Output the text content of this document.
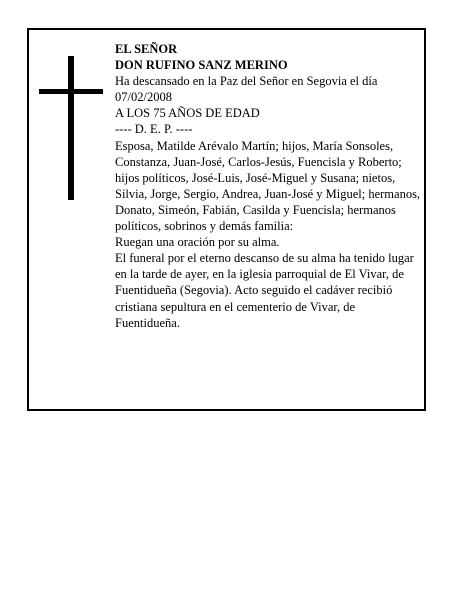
EL SEÑOR

DON RUFINO SANZ MERINO

Ha descansado en la Paz del Señor en Segovia el día 07/02/2008

A LOS 75 AÑOS DE EDAD

---- D. E. P. ----

Esposa, Matilde Arévalo Martín; hijos, María Sonsoles, Constanza, Juan-José, Carlos-Jesús, Fuencisla y Roberto; hijos políticos, José-Luis, José-Miguel y Susana; nietos, Silvia, Jorge, Sergio, Andrea, Juan-José y Miguel; hermanos, Donato, Simeón, Fabián, Casilda y Fuencisla; hermanos políticos, sobrinos y demás familia:

Ruegan una oración por su alma.

El funeral por el eterno descanso de su alma ha tenido lugar en la tarde de ayer, en la iglesia parroquial de El Vivar, de Fuentidueña (Segovia). Acto seguido el cadáver recibió cristiana sepultura en el cementerio de Vivar, de Fuentidueña.
